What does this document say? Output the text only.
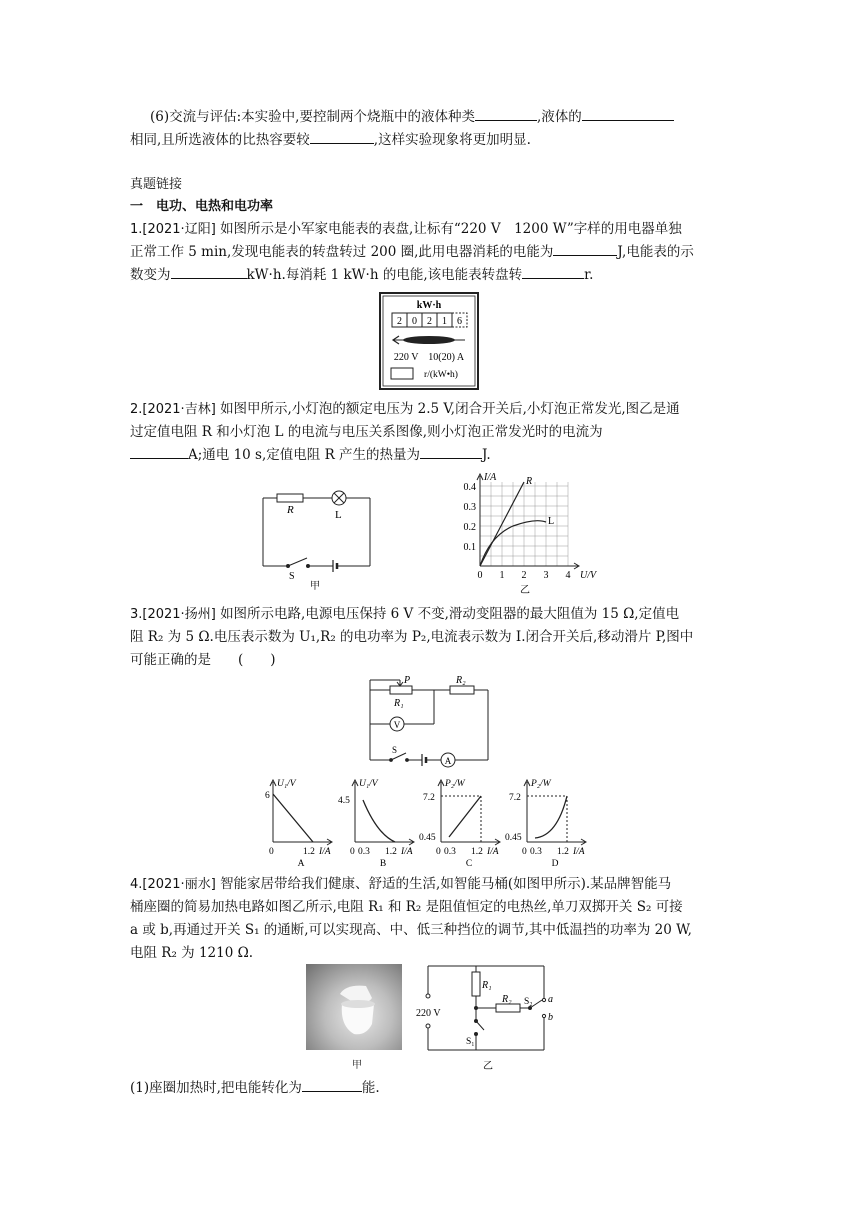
(6)交流与评估:本实验中,要控制两个烧瓶中的液体种类	,液体的
相同,且所选液体的比热容要较	,这样实验现象将更加明显.
真题链接
一　电功、电热和电功率
1.[2021·辽阳] 如图所示是小军家电能表的表盘,让标有“220 V　1200 W”字样的用电器单独
正常工作 5 min,发现电能表的转盘转过 200 圈,此用电器消耗的电能为	J,电能表的示
数变为	kW·h.每消耗 1 kW·h 的电能,该电能表转盘转	r.
kW·h
2 0 2 1 6
220 V　10(20) A
r/(kW•h)
2.[2021·吉林] 如图甲所示,小灯泡的额定电压为 2.5 V,闭合开关后,小灯泡正常发光,图乙是通
过定值电阻 R 和小灯泡 L 的电流与电压关系图像,则小灯泡正常发光时的电流为
A;通电 10 s,定值电阻 R 产生的热量为	J.
R	L
S
甲
I/A
U/V
R
L
0.4
0.3
0.2
0.1
0 1 2 3 4
乙
3.[2021·扬州] 如图所示电路,电源电压保持 6 V 不变,滑动变阻器的最大阻值为 15 Ω,定值电
阻 R₂ 为 5 Ω.电压表示数为 U₁,R₂ 的电功率为 P₂,电流表示数为 I.闭合开关后,移动滑片 P,图中
可能正确的是　　(　　)
P
R₁
R₂
V
A
S
U₁/V
6
0	1.2 I/A
A
U₁/V
4.5
0 0.3 1.2 I/A
B
P₂/W
7.2
0.45
0 0.3 1.2 I/A
C
P₂/W
7.2
0.45
0 0.3 1.2 I/A
D
4.[2021·丽水] 智能家居带给我们健康、舒适的生活,如智能马桶(如图甲所示).某品牌智能马
桶座圈的简易加热电路如图乙所示,电阻 R₁ 和 R₂ 是阻值恒定的电热丝,单刀双掷开关 S₂ 可接
a 或 b,再通过开关 S₁ 的通断,可以实现高、中、低三种挡位的调节,其中低温挡的功率为 20 W,
电阻 R₂ 为 1210 Ω.
甲
220 V
R₁
R₂ S₂ a
b
S₁
乙
(1)座圈加热时,把电能转化为	能.
